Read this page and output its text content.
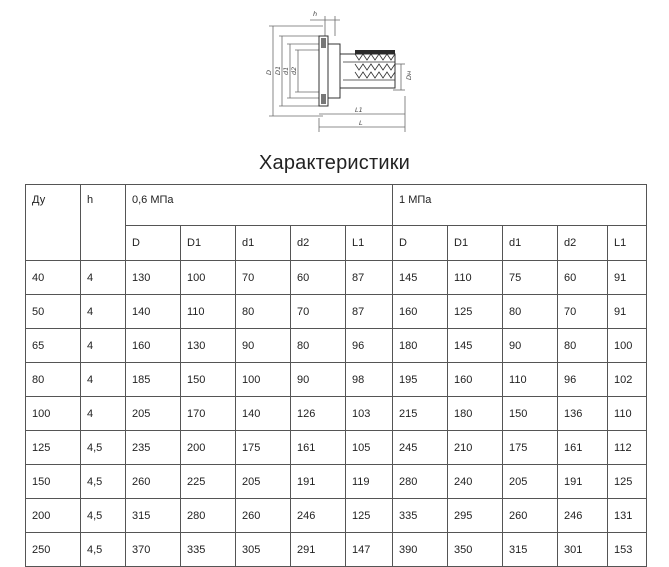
h
D D1 d1 d2	Dн
L1
L
Характеристики
Ду	h	0,6 МПа					1 МПа				
		D	D1	d1	d2	L1	D	D1	d1	d2	L1
40	4	130	100	70	60	87	145	110	75	60	91
50	4	140	110	80	70	87	160	125	80	70	91
65	4	160	130	90	80	96	180	145	90	80	100
80	4	185	150	100	90	98	195	160	110	96	102
100	4	205	170	140	126	103	215	180	150	136	110
125	4,5	235	200	175	161	105	245	210	175	161	112
150	4,5	260	225	205	191	119	280	240	205	191	125
200	4,5	315	280	260	246	125	335	295	260	246	131
250	4,5	370	335	305	291	147	390	350	315	301	153
